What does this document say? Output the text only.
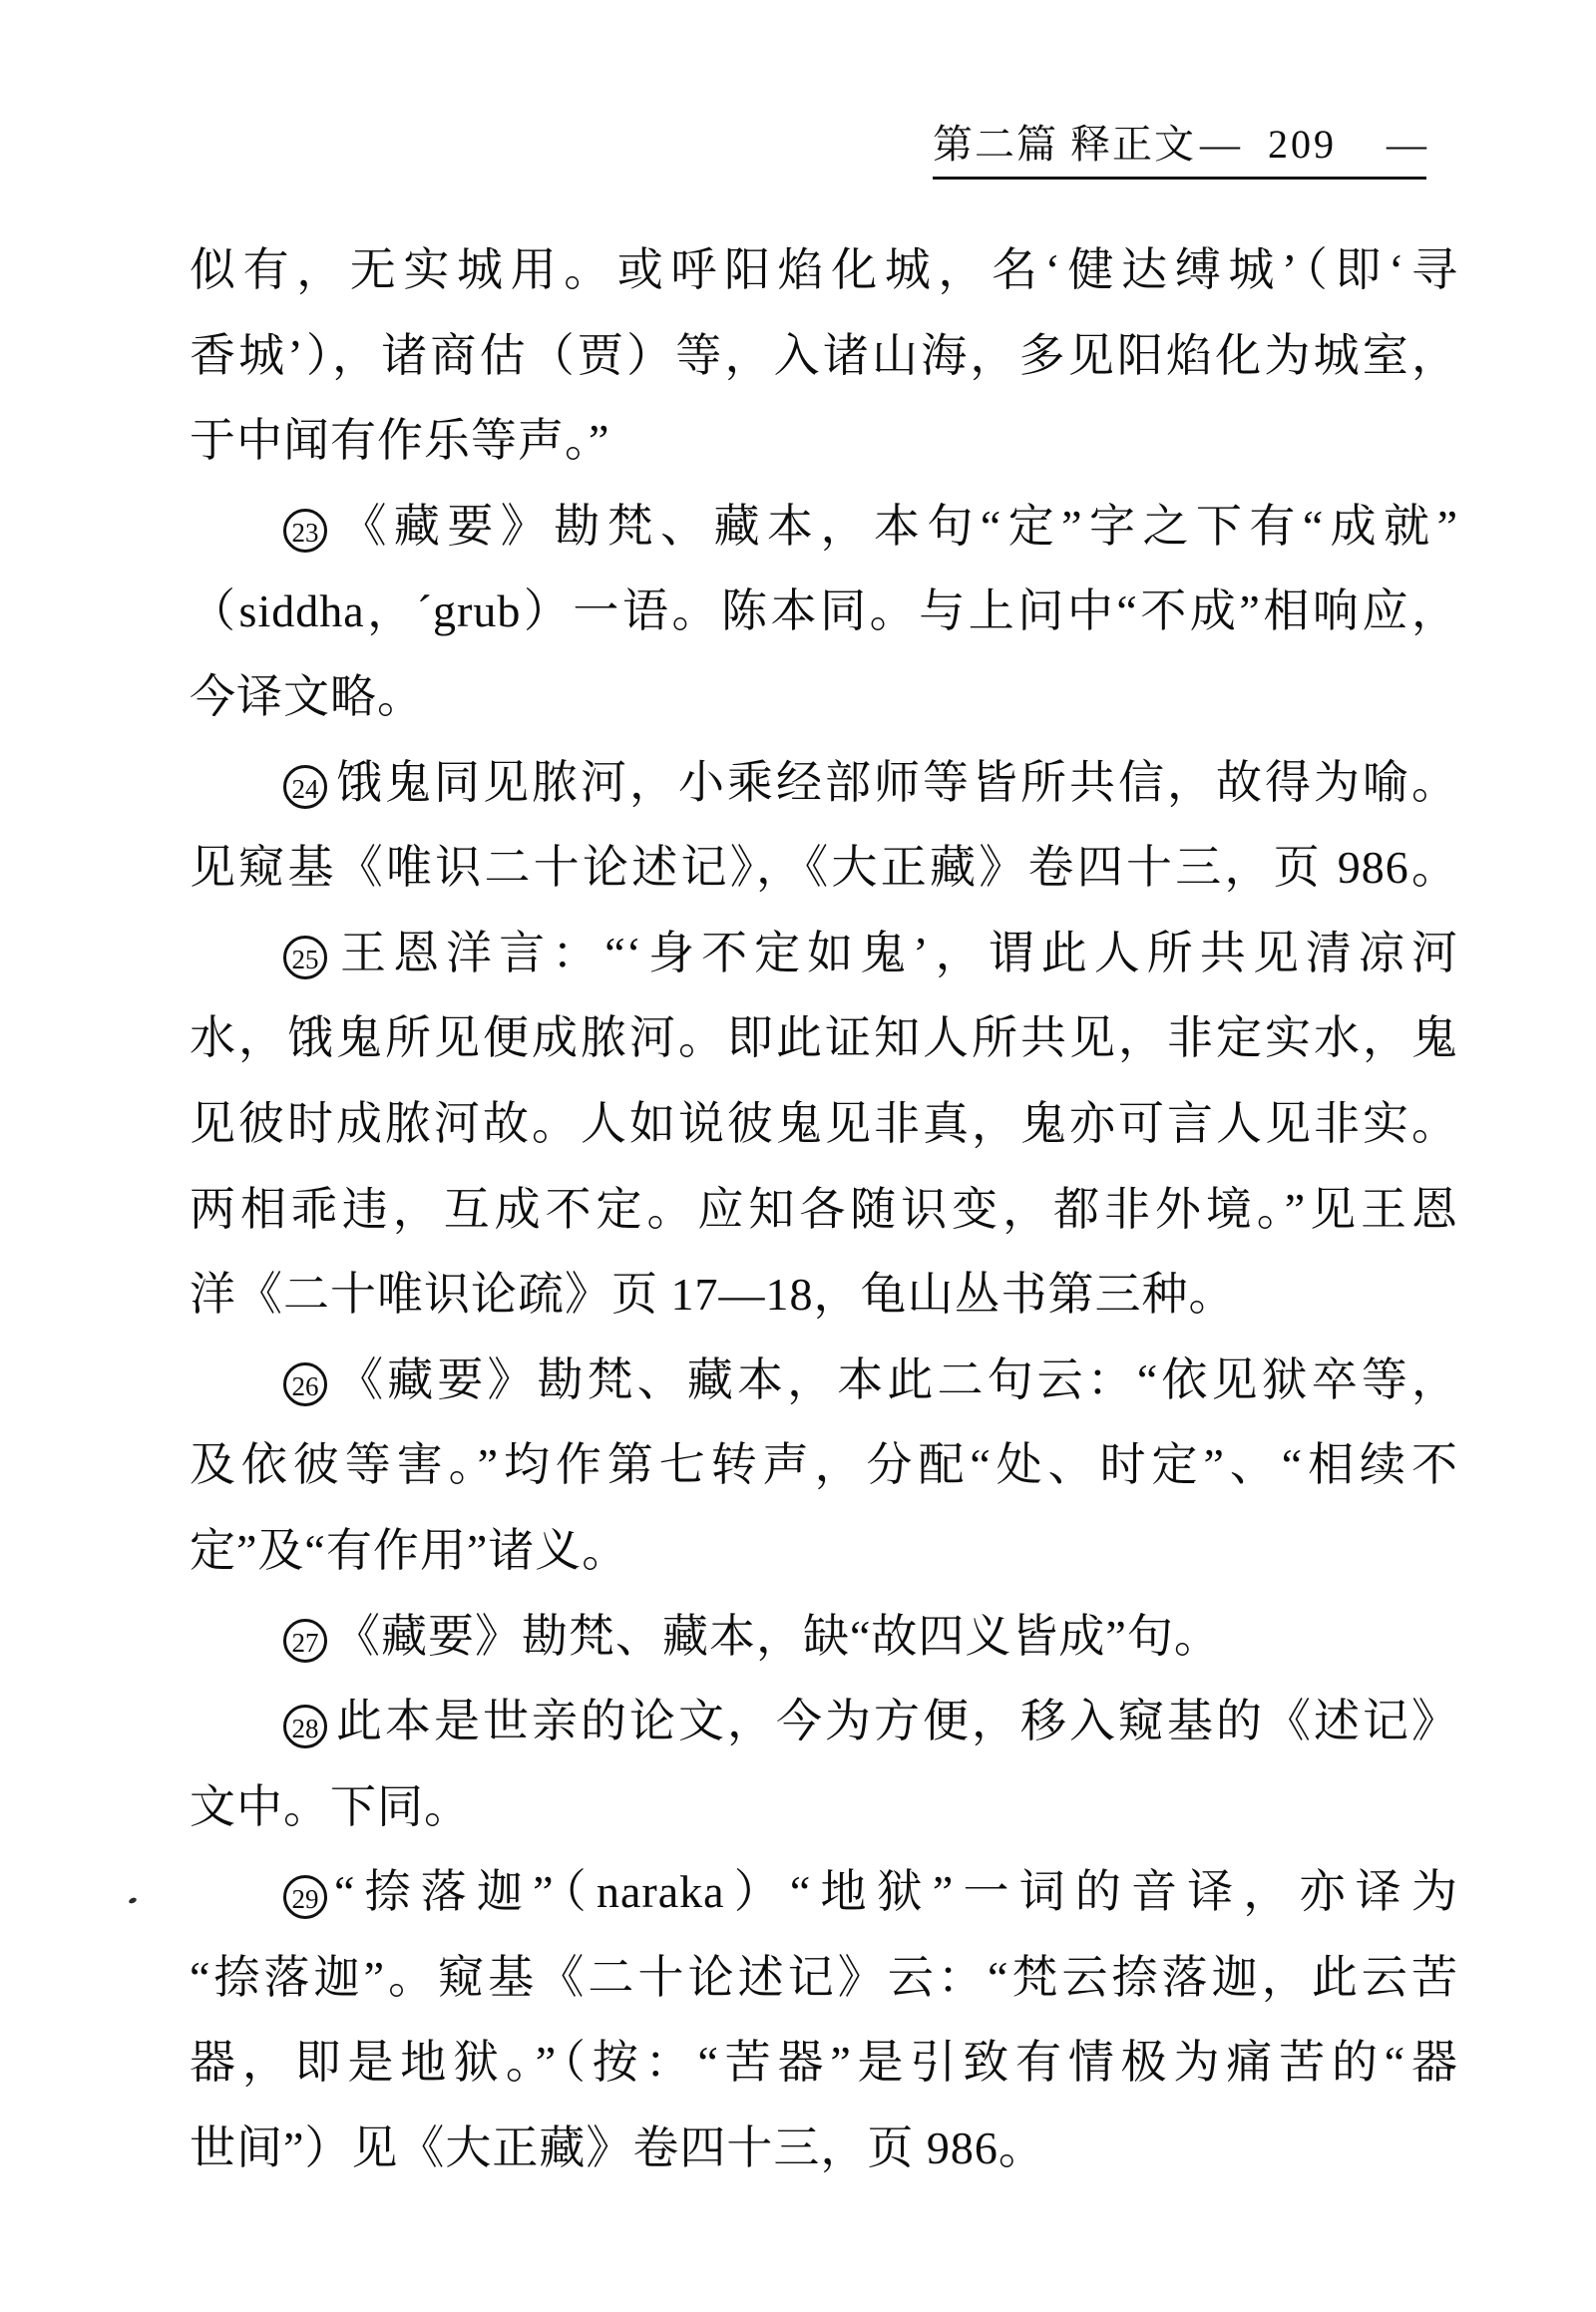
第二篇 释正文 — 209 —
似有，无实城用。或呼阳焰化城，名‘健达缚城’（即‘寻
香城’），诸商估（贾）等，入诸山海，多见阳焰化为城室，
于中闻有作乐等声。”
23 《藏要》勘梵、藏本，本句“定”字之下有“成就”
（siddha，´grub）一语。陈本同。与上问中“不成”相响应，
今译文略。
24 饿鬼同见脓河，小乘经部师等皆所共信，故得为喻。
见窥基《唯识二十论述记》，《大正藏》卷四十三，页 986。
25 王恩洋言：“‘身不定如鬼’，谓此人所共见清凉河
水，饿鬼所见便成脓河。即此证知人所共见，非定实水，鬼
见彼时成脓河故。人如说彼鬼见非真，鬼亦可言人见非实。
两相乖违，互成不定。应知各随识变，都非外境。”见王恩
洋《二十唯识论疏》页 17—18，龟山丛书第三种。
26 《藏要》勘梵、藏本，本此二句云：“依见狱卒等，
及依彼等害。”均作第七转声，分配“处、时定”、“相续不
定”及“有作用”诸义。
27 《藏要》勘梵、藏本，缺“故四义皆成”句。
28 此本是世亲的论文，今为方便，移入窥基的《述记》
文中。下同。
29 “捺落迦”（naraka）“地狱”一词的音译，亦译为
“捺落迦”。窥基《二十论述记》云：“梵云捺落迦，此云苦
器，即是地狱。”（按：“苦器”是引致有情极为痛苦的“器
世间”）见《大正藏》卷四十三，页 986。
